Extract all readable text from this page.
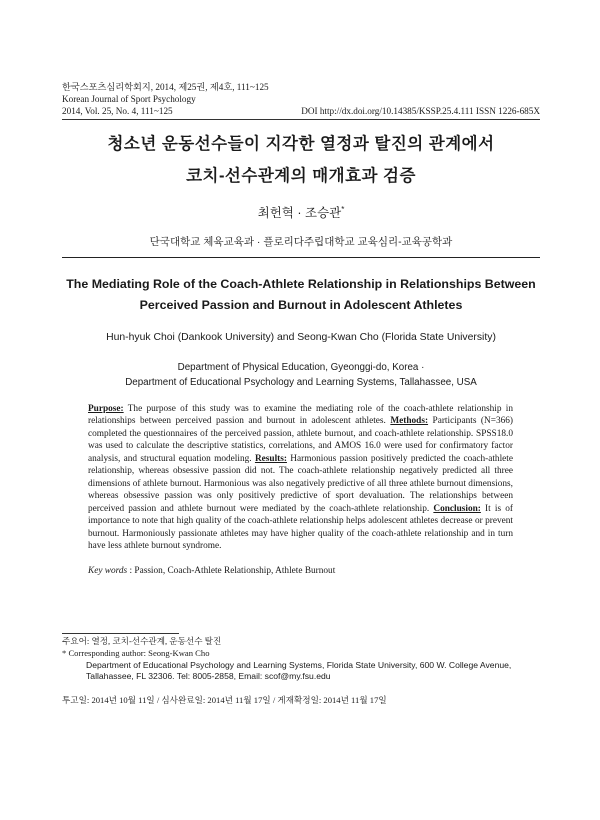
한국스포츠심리학회지, 2014, 제25권, 제4호, 111~125
Korean Journal of Sport Psychology
2014, Vol. 25, No. 4, 111~125	DOI http://dx.doi.org/10.14385/KSSP.25.4.111 ISSN 1226-685X
청소년 운동선수들이 지각한 열정과 탈진의 관계에서
코치-선수관계의 매개효과 검증
최헌혁 · 조승관*
단국대학교 체육교육과 · 플로리다주립대학교 교육심리-교육공학과
The Mediating Role of the Coach-Athlete Relationship in Relationships Between
Perceived Passion and Burnout in Adolescent Athletes
Hun-hyuk Choi (Dankook University) and Seong-Kwan Cho (Florida State University)
Department of Physical Education, Gyeonggi-do, Korea ·
Department of Educational Psychology and Learning Systems, Tallahassee, USA
Purpose: The purpose of this study was to examine the mediating role of the coach-athlete relationship in relationships between perceived passion and burnout in adolescent athletes. Methods: Participants (N=366) completed the questionnaires of the perceived passion, athlete burnout, and coach-athlete relationship. SPSS18.0 was used to calculate the descriptive statistics, correlations, and AMOS 16.0 were used for confirmatory factor analysis, and structural equation modeling. Results: Harmonious passion positively predicted the coach-athlete relationship, whereas obsessive passion did not. The coach-athlete relationship negatively predicted all three dimensions of athlete burnout. Harmonious was also negatively predictive of all three athlete burnout dimensions, whereas obsessive passion was only positively predictive of sport devaluation. The relationships between perceived passion and athlete burnout were mediated by the coach-athlete relationship. Conclusion: It is of importance to note that high quality of the coach-athlete relationship helps adolescent athletes decrease or prevent burnout. Harmoniously passionate athletes may have higher quality of the coach-athlete relationship and in turn have less athlete burnout syndrome.
Key words : Passion, Coach-Athlete Relationship, Athlete Burnout
주요어: 열정, 코치-선수관계, 운동선수 탈진
* Corresponding author: Seong-Kwan Cho
Department of Educational Psychology and Learning Systems, Florida State University, 600 W. College Avenue, Tallahassee, FL 32306. Tel: 8005-2858, Email: scof@my.fsu.edu
투고일: 2014년 10월 11일 / 심사완료일: 2014년 11월 17일 / 게재확정일: 2014년 11월 17일
